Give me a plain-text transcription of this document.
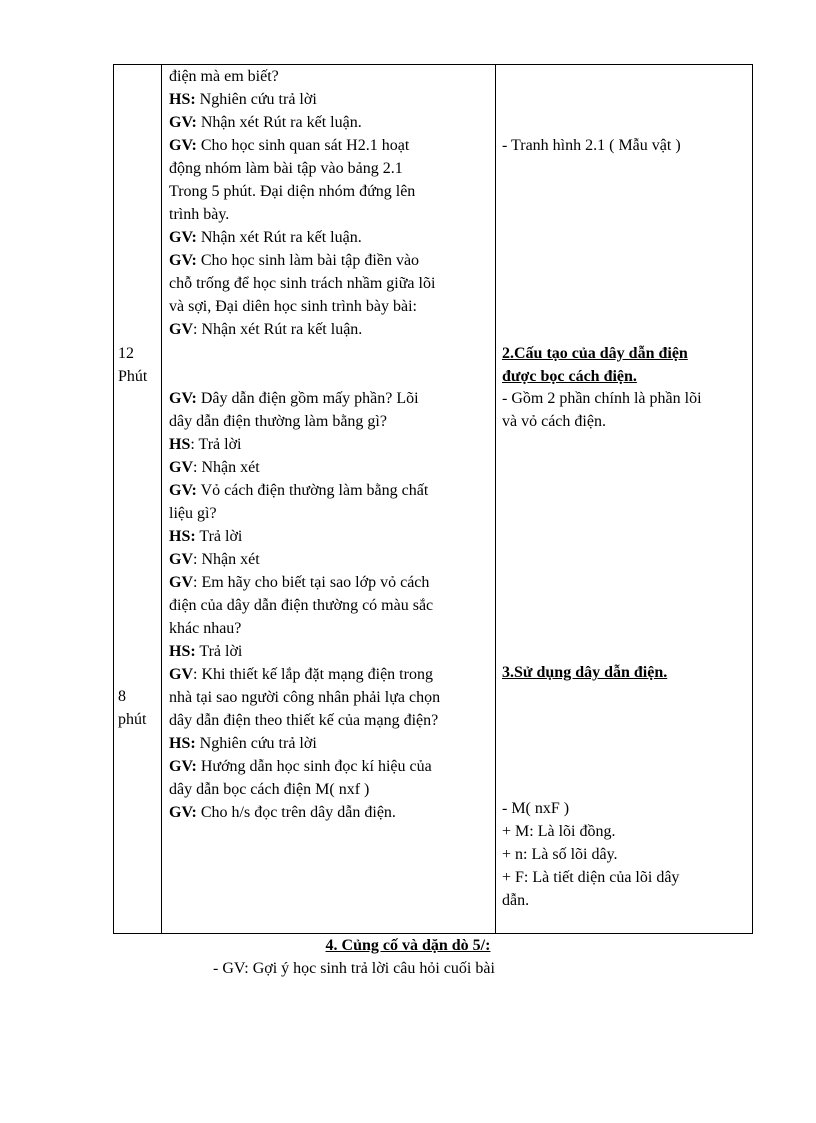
12
Phút
8
phút
điện mà em biết?
HS: Nghiên cứu trả lời
GV: Nhận xét Rút ra kết luận.
GV: Cho học sinh quan sát H2.1 hoạt
động nhóm làm bài tập vào bảng 2.1
Trong 5 phút. Đại diện nhóm đứng lên
trình bày.
GV: Nhận xét Rút ra kết luận.
GV: Cho học sinh làm bài tập điền vào
chỗ trống để học sinh trách nhầm giữa lõi
và sợi, Đại diên học sinh trình bày bài:
GV: Nhận xét Rút ra kết luận.
GV: Dây dẫn điện gồm mấy phần? Lõi
dây dẫn điện thường làm bằng gì?
HS: Trả lời
GV: Nhận xét
GV: Vỏ cách điện thường làm bằng chất
liệu gì?
HS: Trả lời
GV: Nhận xét
GV: Em hãy cho biết tại sao lớp vỏ cách
điện của dây dẫn điện thường có màu sắc
khác nhau?
HS: Trả lời
GV: Khi thiết kế lắp đặt mạng điện trong
nhà tại sao người công nhân phải lựa chọn
dây dẫn điện theo thiết kế của mạng điện?
HS: Nghiên cứu trả lời
GV: Hướng dẫn học sinh đọc kí hiệu của
dây dẫn bọc cách điện M( nxf )
GV: Cho h/s đọc trên dây dẫn điện.
- Tranh hình 2.1 ( Mẫu vật )
2.Cấu tạo của dây dẫn điện
được bọc cách điện.
- Gồm 2 phần chính là phần lõi
và vỏ cách điện.
3.Sử dụng dây dẫn điện.
- M( nxF )
+ M: Là lõi đồng.
+ n: Là số lõi dây.
+ F: Là tiết diện của lõi dây
dẫn.
4. Củng cố và dặn dò 5/:
- GV: Gợi ý học sinh trả lời câu hỏi cuối bài
